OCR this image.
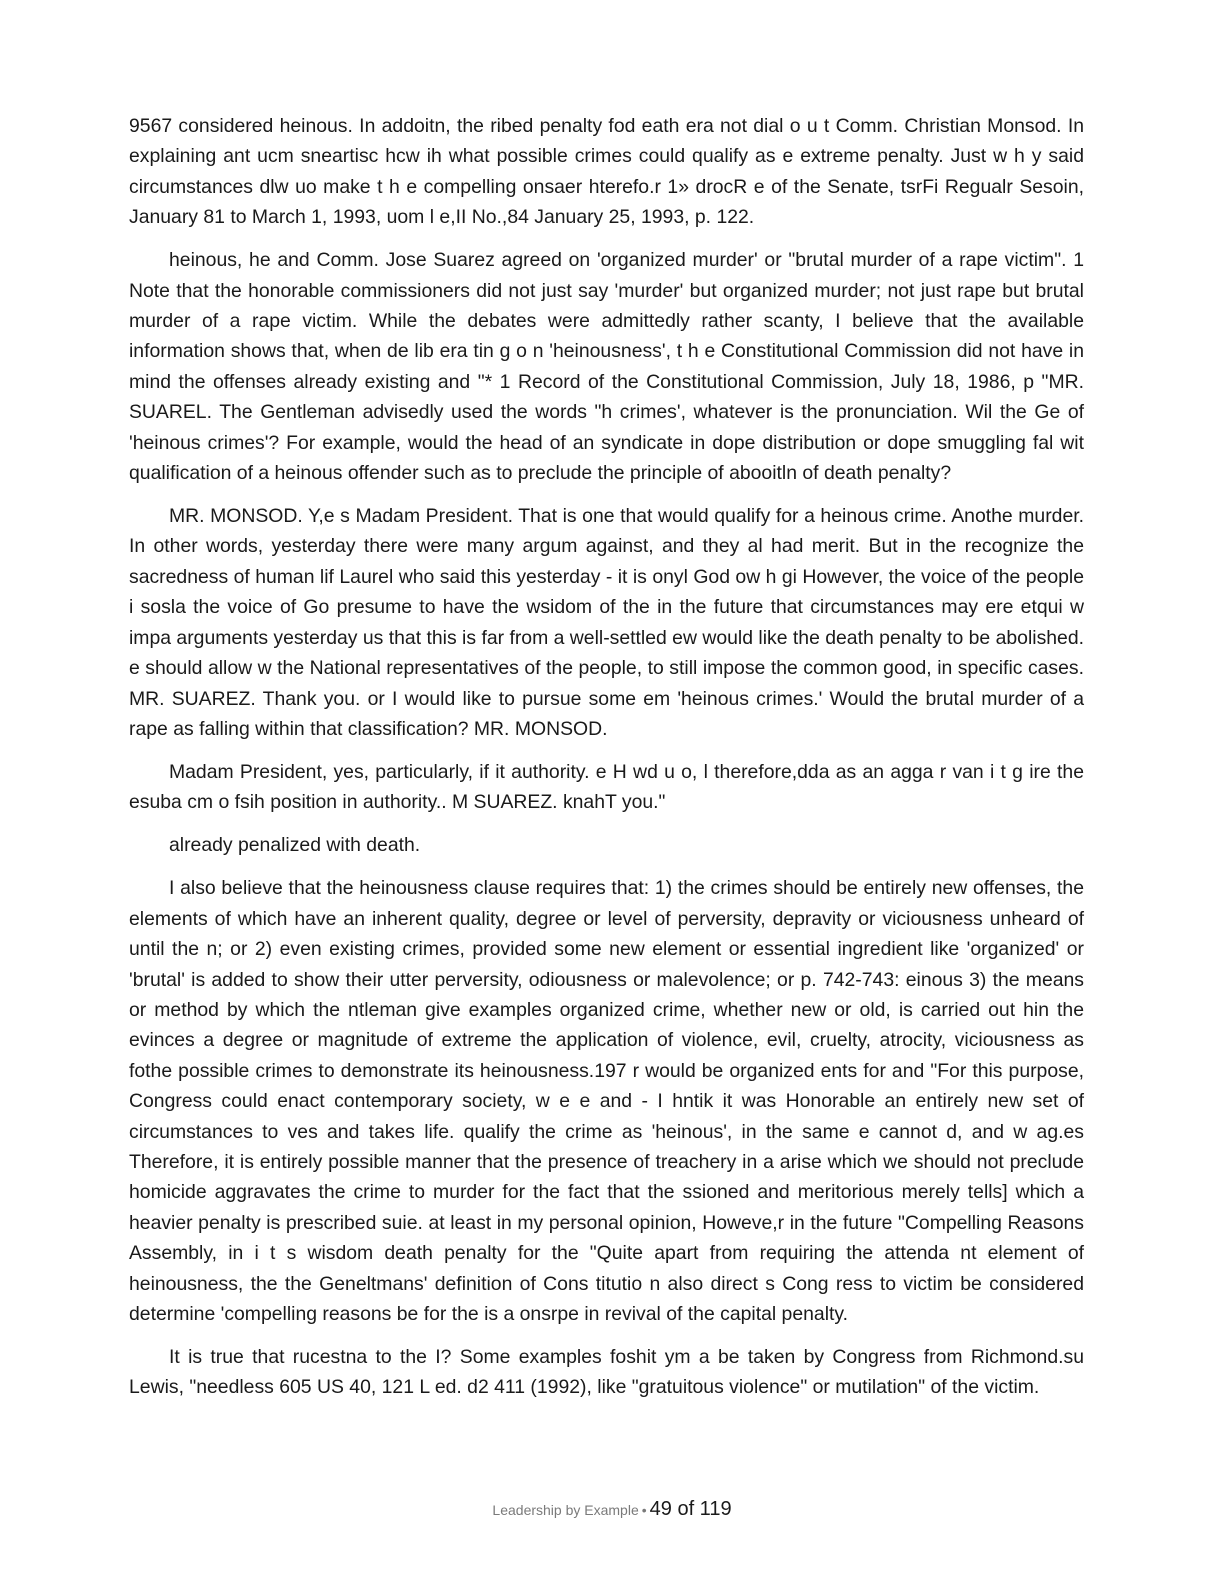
9567 considered heinous. In addoitn, the ribed penalty fod eath era not dial o u t Comm. Christian Monsod. In explaining ant ucm sneartisc hcw ih what possible crimes could qualify as e extreme penalty. Just w h y said circumstances dlw uo make t h e compelling onsaer hterefo.r 1» drocR e of the Senate, tsrFi Regualr Sesoin, January 81 to March 1, 1993, uom l e,II No.,84 January 25, 1993, p. 122.

heinous, he and Comm. Jose Suarez agreed on 'organized murder' or "brutal murder of a rape victim". 1 Note that the honorable commissioners did not just say 'murder' but organized murder; not just rape but brutal murder of a rape victim. While the debates were admittedly rather scanty, I believe that the available information shows that, when de lib era tin g o n 'heinousness', t h e Constitutional Commission did not have in mind the offenses already existing and "* 1 Record of the Constitutional Commission, July 18, 1986, p "MR. SUAREL. The Gentleman advisedly used the words "h crimes', whatever is the pronunciation. Wil the Ge of 'heinous crimes'? For example, would the head of an syndicate in dope distribution or dope smuggling fal wit qualification of a heinous offender such as to preclude the principle of abooitln of death penalty?

MR. MONSOD. Y,e s Madam President. That is one that would qualify for a heinous crime. Anothe murder. In other words, yesterday there were many argum against, and they al had merit. But in the recognize the sacredness of human lif Laurel who said this yesterday - it is onyl God ow h gi However, the voice of the people i sosla the voice of Go presume to have the wsidom of the in the future that circumstances may ere etqui w impa arguments yesterday us that this is far from a well-settled ew would like the death penalty to be abolished. e should allow w the National representatives of the people, to still impose the common good, in specific cases. MR. SUAREZ. Thank you. or I would like to pursue some em 'heinous crimes.' Would the brutal murder of a rape as falling within that classification? MR. MONSOD.

Madam President, yes, particularly, if it authority. e H wd u o, l therefore,dda as an agga r van i t g ire the esuba cm o fsih position in authority.. M SUAREZ. knahT you."

already penalized with death.

I also believe that the heinousness clause requires that: 1) the crimes should be entirely new offenses, the elements of which have an inherent quality, degree or level of perversity, depravity or viciousness unheard of until the n; or 2) even existing crimes, provided some new element or essential ingredient like 'organized' or 'brutal' is added to show their utter perversity, odiousness or malevolence; or p. 742-743: einous 3) the means or method by which the ntleman give examples organized crime, whether new or old, is carried out hin the evinces a degree or magnitude of extreme the application of violence, evil, cruelty, atrocity, viciousness as fothe possible crimes to demonstrate its heinousness.197 r would be organized ents for and "For this purpose, Congress could enact contemporary society, w e e and - I hntik it was Honorable an entirely new set of circumstances to ves and takes life. qualify the crime as 'heinous', in the same e cannot d, and w ag.es Therefore, it is entirely possible manner that the presence of treachery in a arise which we should not preclude homicide aggravates the crime to murder for the fact that the ssioned and meritorious merely tells] which a heavier penalty is prescribed suie. at least in my personal opinion, Howeve,r in the future "Compelling Reasons Assembly, in i t s wisdom death penalty for the "Quite apart from requiring the attenda nt element of heinousness, the the Geneltmans' definition of Cons titutio n also direct s Cong ress to victim be considered determine 'compelling reasons be for the is a onsrpe in revival of the capital penalty.

It is true that rucestna to the I? Some examples foshit ym a be taken by Congress from Richmond.su Lewis, "needless 605 US 40, 121 L ed. d2 411 (1992), like "gratuitous violence" or mutilation" of the victim.

Leadership by Example • 49 of 119
